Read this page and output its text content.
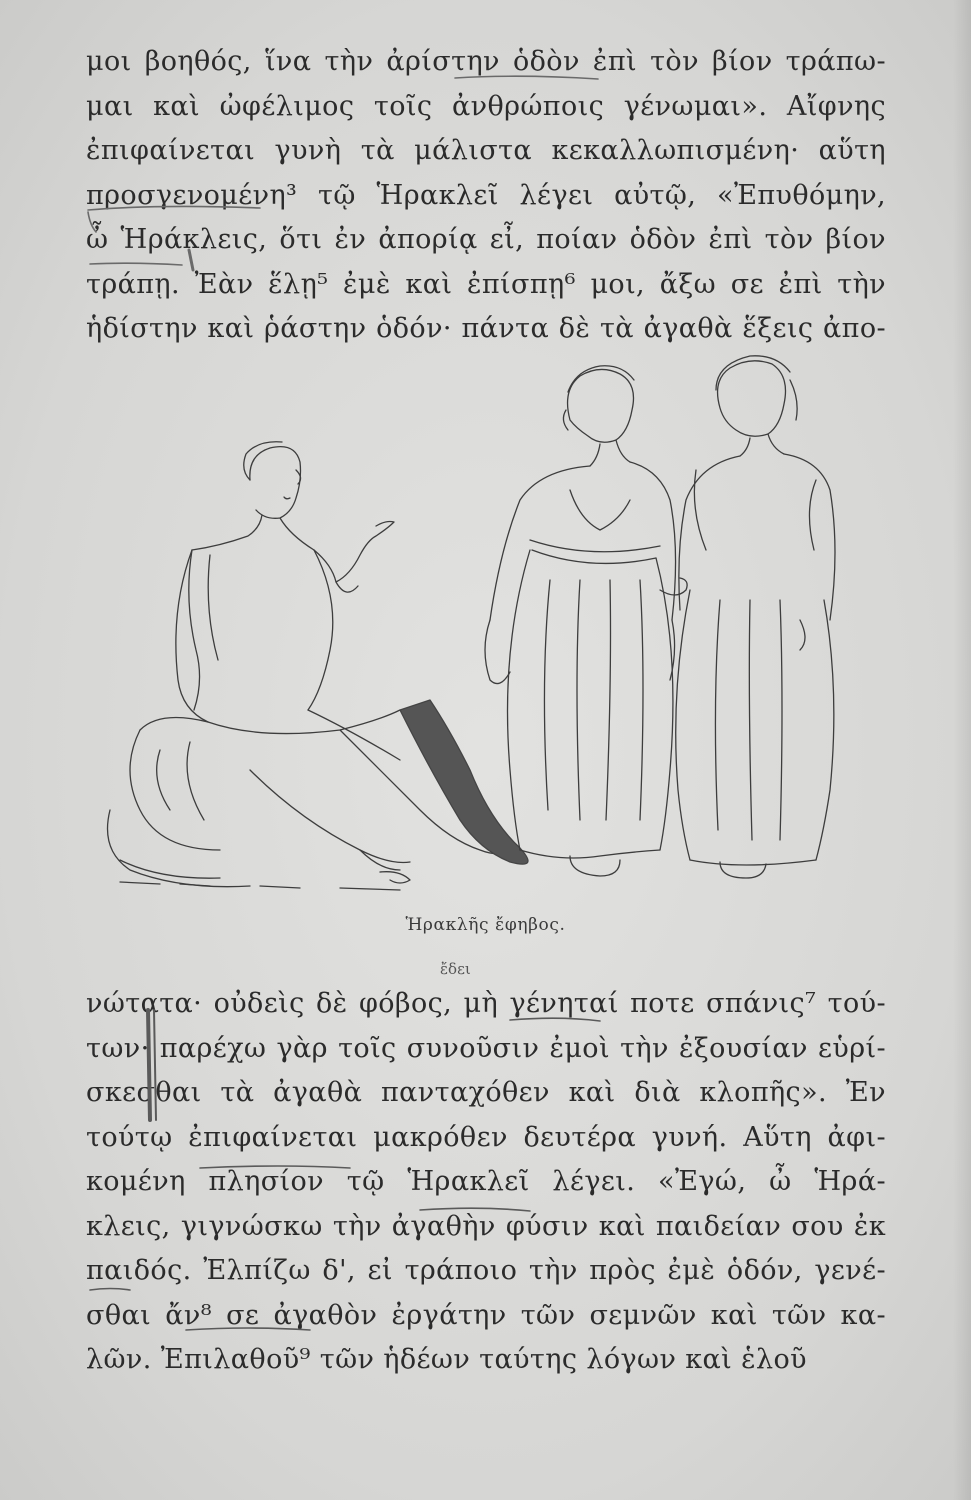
μοι βοηθός, ἵνα τὴν ἀρίστην ὁδὸν ἐπὶ τὸν βίον τράπω-
μαι καὶ ὠφέλιμος τοῖς ἀνθρώποις γένωμαι». Αἴφνης
ἐπιφαίνεται γυνὴ τὰ μάλιστα κεκαλλωπισμένη· αὕτη
προσγενομένη³ τῷ Ἡρακλεῖ λέγει αὐτῷ, «Ἐπυθόμην,
ὦ Ἡράκλεις, ὅτι ἐν ἀπορίᾳ εἶ, ποίαν ὁδὸν ἐπὶ τὸν βίον
τράπῃ. Ἐὰν ἕλῃ⁵ ἐμὲ καὶ ἐπίσπῃ⁶ μοι, ἄξω σε ἐπὶ τὴν
ἡδίστην καὶ ῥάστην ὁδόν· πάντα δὲ τὰ ἀγαθὰ ἕξεις ἀπο-
Ἡρακλῆς ἔφηβος.
ἔδει
νώτατα· οὐδεὶς δὲ φόβος, μὴ γένηταί ποτε σπάνις⁷ τού-
των· παρέχω γὰρ τοῖς συνοῦσιν ἐμοὶ τὴν ἐξουσίαν εὑρί-
σκεσθαι τὰ ἀγαθὰ πανταχόθεν καὶ διὰ κλοπῆς». Ἐν
τούτῳ ἐπιφαίνεται μακρόθεν δευτέρα γυνή. Αὕτη ἀφι-
κομένη πλησίον τῷ Ἡρακλεῖ λέγει. «Ἐγώ, ὦ Ἡρά-
κλεις, γιγνώσκω τὴν ἀγαθὴν φύσιν καὶ παιδείαν σου ἐκ
παιδός. Ἐλπίζω δ', εἰ τράποιο τὴν πρὸς ἐμὲ ὁδόν, γενέ-
σθαι ἄν⁸ σε ἀγαθὸν ἐργάτην τῶν σεμνῶν καὶ τῶν κα-
λῶν. Ἐπιλαθοῦ⁹ τῶν ἡδέων ταύτης λόγων καὶ ἑλοῦ
